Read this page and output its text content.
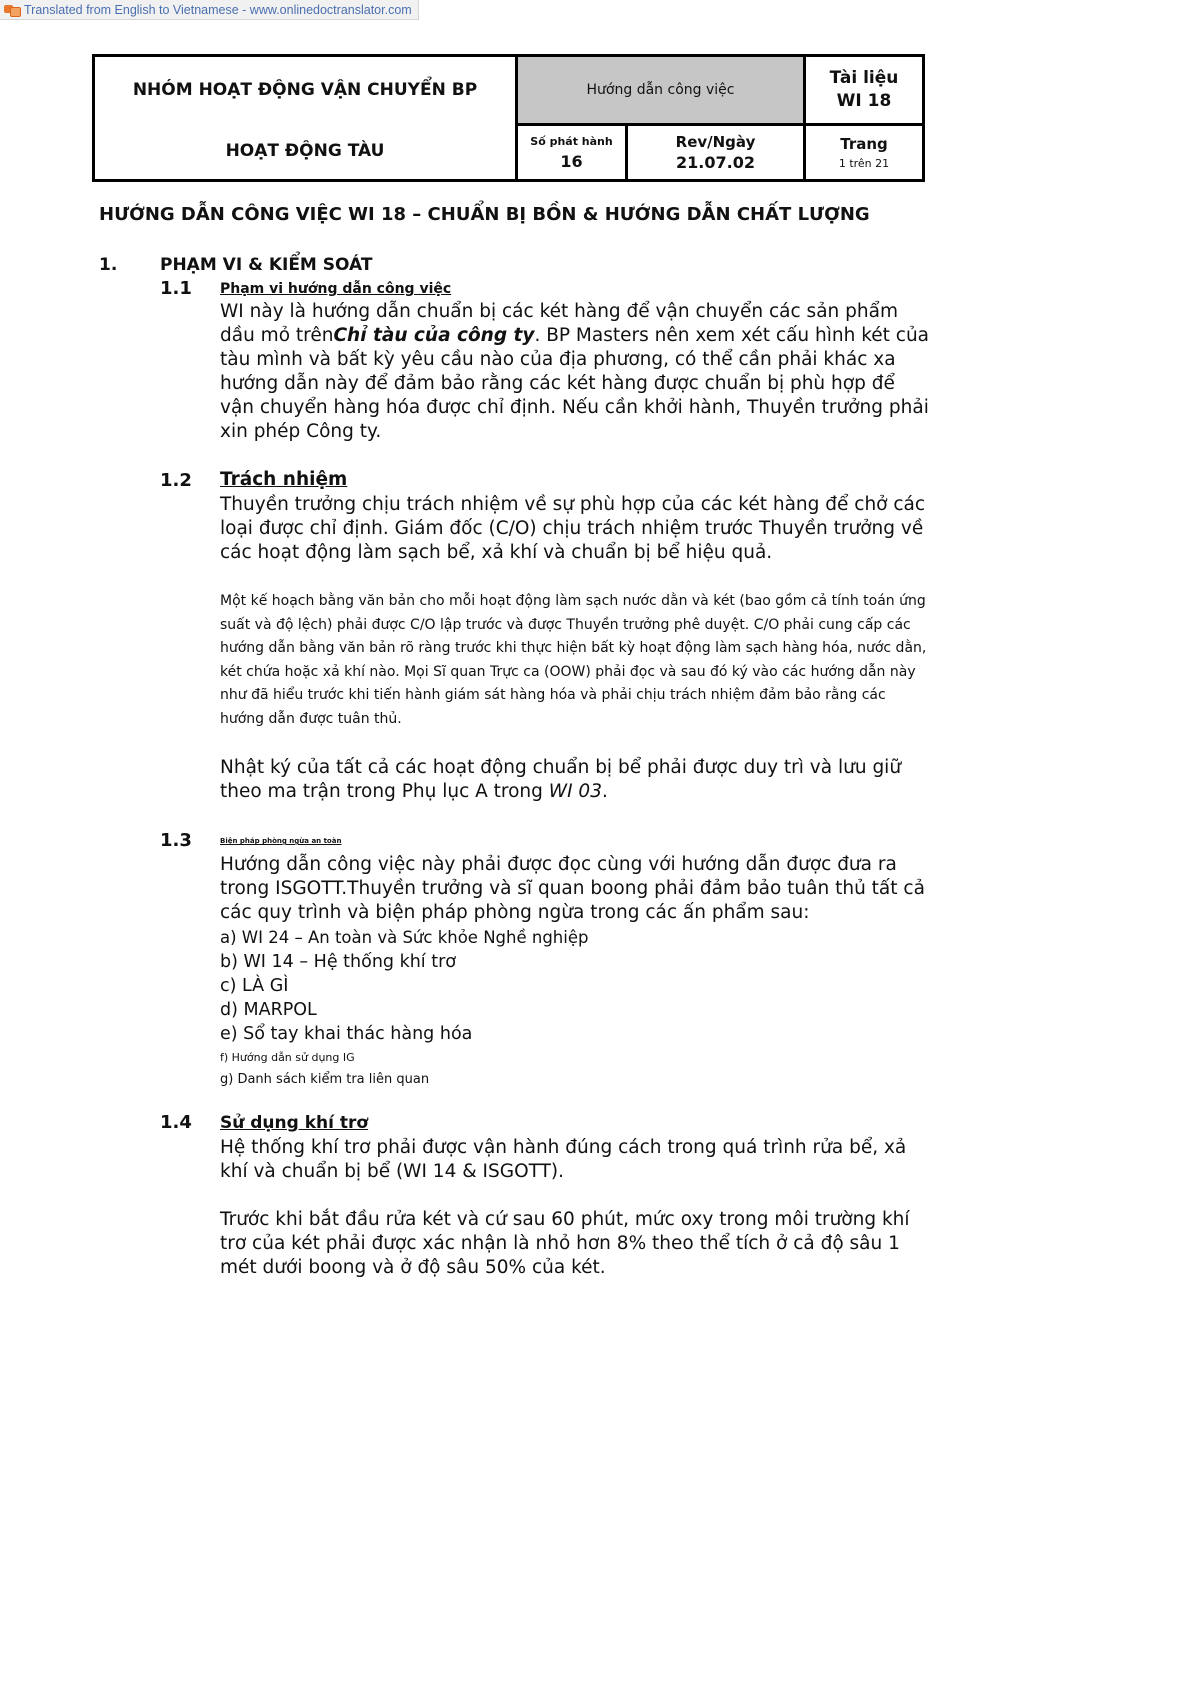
Translated from English to Vietnamese - www.onlinedoctranslator.com
NHÓM HOẠT ĐỘNG VẬN CHUYỂN BP
HOẠT ĐỘNG TÀU
Hướng dẫn công việc
Tài liệu
WI 18
Số phát hành
16
Rev/Ngày
21.07.02
Trang
1 trên 21
HƯỚNG DẪN CÔNG VIỆC WI 18 – CHUẨN BỊ BỒN & HƯỚNG DẪN CHẤT LƯỢNG
1.	PHẠM VI & KIỂM SOÁT
1.1 Phạm vi hướng dẫn công việc
WI này là hướng dẫn chuẩn bị các két hàng để vận chuyển các sản phẩm dầu mỏ trênChỉ tàu của công ty. BP Masters nên xem xét cấu hình két của tàu mình và bất kỳ yêu cầu nào của địa phương, có thể cần phải khác xa hướng dẫn này để đảm bảo rằng các két hàng được chuẩn bị phù hợp để vận chuyển hàng hóa được chỉ định. Nếu cần khởi hành, Thuyền trưởng phải xin phép Công ty.
1.2 Trách nhiệm
Thuyền trưởng chịu trách nhiệm về sự phù hợp của các két hàng để chở các loại được chỉ định. Giám đốc (C/O) chịu trách nhiệm trước Thuyền trưởng về các hoạt động làm sạch bể, xả khí và chuẩn bị bể hiệu quả.
Một kế hoạch bằng văn bản cho mỗi hoạt động làm sạch nước dằn và két (bao gồm cả tính toán ứng suất và độ lệch) phải được C/O lập trước và được Thuyền trưởng phê duyệt. C/O phải cung cấp các hướng dẫn bằng văn bản rõ ràng trước khi thực hiện bất kỳ hoạt động làm sạch hàng hóa, nước dằn, két chứa hoặc xả khí nào. Mọi Sĩ quan Trực ca (OOW) phải đọc và sau đó ký vào các hướng dẫn này như đã hiểu trước khi tiến hành giám sát hàng hóa và phải chịu trách nhiệm đảm bảo rằng các hướng dẫn được tuân thủ.
Nhật ký của tất cả các hoạt động chuẩn bị bể phải được duy trì và lưu giữ theo ma trận trong Phụ lục A trong WI 03.
1.3	Biện pháp phòng ngừa an toàn
Hướng dẫn công việc này phải được đọc cùng với hướng dẫn được đưa ra trong ISGOTT.Thuyền trưởng và sĩ quan boong phải đảm bảo tuân thủ tất cả các quy trình và biện pháp phòng ngừa trong các ấn phẩm sau:
a) WI 24 – An toàn và Sức khỏe Nghề nghiệp
b) WI 14 – Hệ thống khí trơ
c) LÀ GÌ
d) MARPOL
e) Sổ tay khai thác hàng hóa
f) Hướng dẫn sử dụng IG
g) Danh sách kiểm tra liên quan
1.4 Sử dụng khí trơ
Hệ thống khí trơ phải được vận hành đúng cách trong quá trình rửa bể, xả khí và chuẩn bị bể (WI 14 & ISGOTT).
Trước khi bắt đầu rửa két và cứ sau 60 phút, mức oxy trong môi trường khí trơ của két phải được xác nhận là nhỏ hơn 8% theo thể tích ở cả độ sâu 1 mét dưới boong và ở độ sâu 50% của két.
